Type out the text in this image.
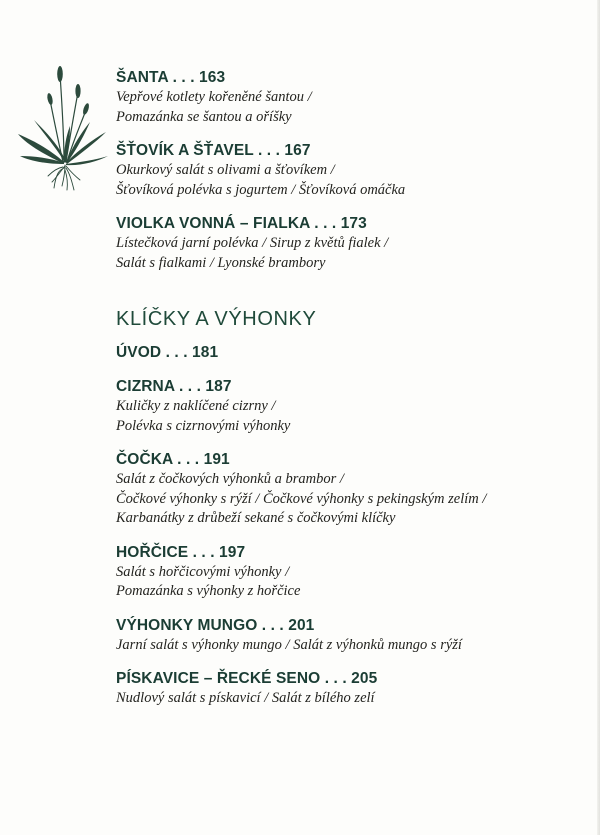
ŠANTA . . . 163
Vepřové kotlety kořeněné šantou /
Pomazánka se šantou a oříšky
ŠŤOVÍK A ŠŤAVEL . . . 167
Okurkový salát s olivami a šťovíkem /
Šťovíková polévka s jogurtem / Šťovíková omáčka
VIOLKA VONNÁ – FIALKA . . . 173
Lístečková jarní polévka / Sirup z květů fialek /
Salát s fialkami / Lyonské brambory
KLÍČKY A VÝHONKY
ÚVOD . . . 181
CIZRNA . . . 187
Kuličky z naklíčené cizrny /
Polévka s cizrnovými výhonky
ČOČKA . . . 191
Salát z čočkových výhonků a brambor /
Čočkové výhonky s rýží / Čočkové výhonky s pekingským zelím /
Karbanátky z drůbeží sekané s čočkovými klíčky
HOŘČICE . . . 197
Salát s hořčicovými výhonky /
Pomazánka s výhonky z hořčice
VÝHONKY MUNGO . . . 201
Jarní salát s výhonky mungo / Salát z výhonků mungo s rýží
PÍSKAVICE – ŘECKÉ SENO . . . 205
Nudlový salát s pískavicí / Salát z bílého zelí
